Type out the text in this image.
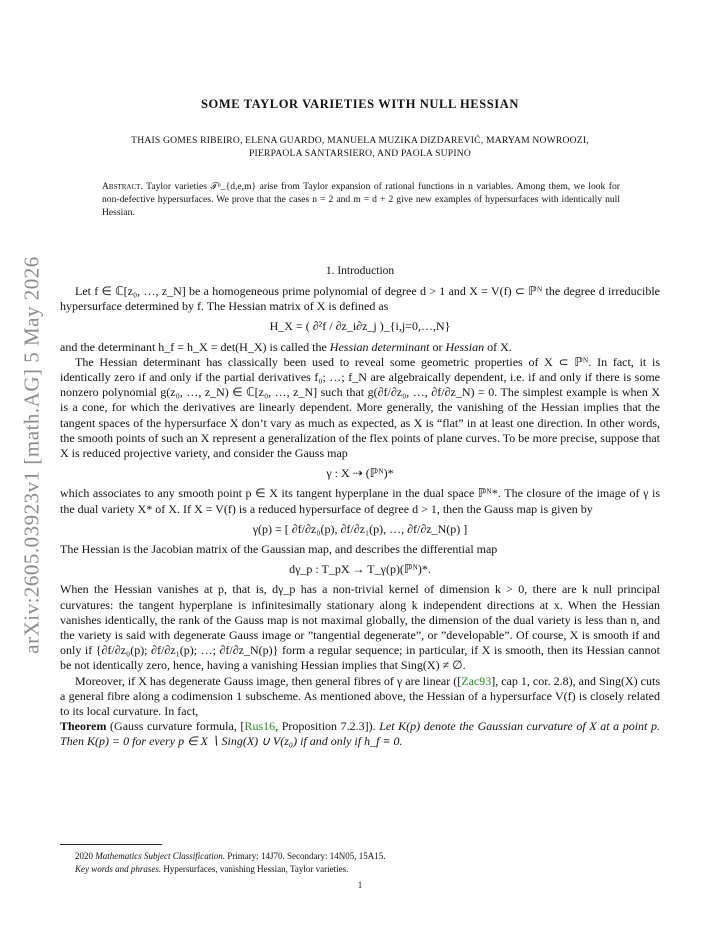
arXiv:2605.03923v1 [math.AG] 5 May 2026
SOME TAYLOR VARIETIES WITH NULL HESSIAN
THAIS GOMES RIBEIRO, ELENA GUARDO, MANUELA MUZIKA DIZDAREVIĆ, MARYAM NOWROOZI,
PIERPAOLA SANTARSIERO, AND PAOLA SUPINO
Abstract. Taylor varieties 𝒯ⁿ_{d,e,m} arise from Taylor expansion of rational functions in n variables. Among them, we look for non-defective hypersurfaces. We prove that the cases n = 2 and m = d + 2 give new examples of hypersurfaces with identically null Hessian.
1. Introduction

Let f ∈ ℂ[z₀, …, z_N] be a homogeneous prime polynomial of degree d > 1 and X = V(f) ⊂ ℙᴺ the degree d irreducible hypersurface determined by f. The Hessian matrix of X is defined as

H_X = ( ∂²f / ∂z_i∂z_j )_{i,j=0,…,N}

and the determinant h_f = h_X = det(H_X) is called the Hessian determinant or Hessian of X.

The Hessian determinant has classically been used to reveal some geometric properties of X ⊂ ℙᴺ. In fact, it is identically zero if and only if the partial derivatives f₀; …; f_N are algebraically dependent, i.e. if and only if there is some nonzero polynomial g(z₀, …, z_N) ∈ ℂ[z₀, …, z_N] such that g(∂f/∂z₀, …, ∂f/∂z_N) = 0. The simplest example is when X is a cone, for which the derivatives are linearly dependent. More generally, the vanishing of the Hessian implies that the tangent spaces of the hypersurface X don’t vary as much as expected, as X is “flat” in at least one direction. In other words, the smooth points of such an X represent a generalization of the flex points of plane curves. To be more precise, suppose that X is reduced projective variety, and consider the Gauss map

γ : X ⇢ (ℙᴺ)*

which associates to any smooth point p ∈ X its tangent hyperplane in the dual space ℙᴺ*. The closure of the image of γ is the dual variety X* of X. If X = V(f) is a reduced hypersurface of degree d > 1, then the Gauss map is given by

γ(p) = [ ∂f/∂z₀(p), ∂f/∂z₁(p), …, ∂f/∂z_N(p) ]

The Hessian is the Jacobian matrix of the Gaussian map, and describes the differential map

dγ_p : T_pX → T_γ(p)(ℙᴺ)*.

When the Hessian vanishes at p, that is, dγ_p has a non-trivial kernel of dimension k > 0, there are k null principal curvatures: the tangent hyperplane is infinitesimally stationary along k independent directions at x. When the Hessian vanishes identically, the rank of the Gauss map is not maximal globally, the dimension of the dual variety is less than n, and the variety is said with degenerate Gauss image or ”tangential degenerate”, or ”developable”. Of course, X is smooth if and only if {∂f/∂z₀(p); ∂f/∂z₁(p); …; ∂f/∂z_N(p)} form a regular sequence; in particular, if X is smooth, then its Hessian cannot be not identically zero, hence, having a vanishing Hessian implies that Sing(X) ≠ ∅.

Moreover, if X has degenerate Gauss image, then general fibres of γ are linear ([Zac93], cap 1, cor. 2.8), and Sing(X) cuts a general fibre along a codimension 1 subscheme. As mentioned above, the Hessian of a hypersurface V(f) is closely related to its local curvature. In fact,

Theorem (Gauss curvature formula, [Rus16, Proposition 7.2.3]). Let K(p) denote the Gaussian curvature of X at a point p. Then K(p) = 0 for every p ∈ X ∖ Sing(X) ∪ V(z₀) if and only if h_f ≡ 0.

2020 Mathematics Subject Classification. Primary: 14J70. Secondary: 14N05, 15A15.
Key words and phrases. Hypersurfaces, vanishing Hessian, Taylor varieties.
1
